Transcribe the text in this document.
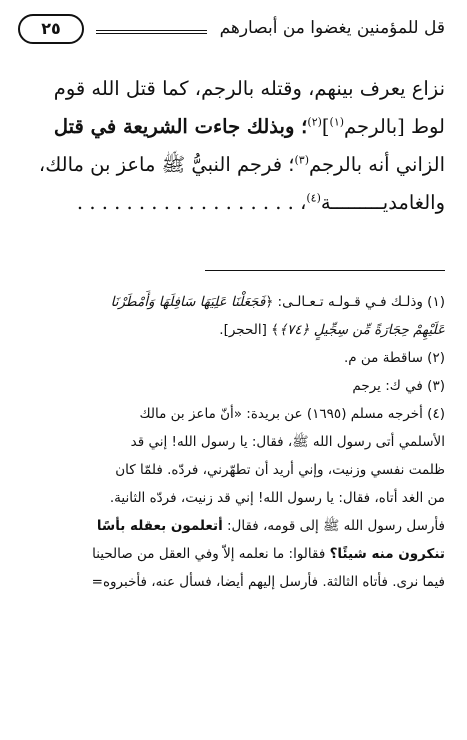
قل للمؤمنين يغضوا من أبصارهم
٢٥
نزاع يعرف بينهم، وقتله بالرجم، كما قتل الله قوم
لوط [بالرجم$^{(١)}$]$^{(٢)}$؛ وبذلك جاءت الشريعة في قتل
الزاني أنه بالرجم$^{(٣)}$؛ فرجم النبيُّ ﷺ ماعز بن مالك،
والغامديـــــــــة$^{(٤)}$، . . . . . . . . . . . . . . . . . .
(١) وذلـك فـي قـولـه تـعـالـى: ﴿فَجَعَلْنَا عَلِيَهَا سَافِلَهَا وَأَمْطَرْنَا
عَلَيْهِمْ حِجَارَةً مِّن سِجِّيلٍ ﴿٧٤﴾﴾ [الحجر].
(٢) ساقطة من م.
(٣) في ك: يرجم
(٤) أخرجه مسلم (١٦٩٥) عن بريدة: «أنّ ماعز بن مالك
الأسلمي أتى رسول الله ﷺ، فقال: يا رسول الله! إني قد
ظلمت نفسي وزنيت، وإني أريد أن تطهّرني، فردّه. فلمّا كان
من الغد أتاه، فقال: يا رسول الله! إني قد زنيت، فردّه الثانية.
فأرسل رسول الله ﷺ إلى قومه، فقال: أتعلمون بعقله بأسًا
تنكرون منه شيئًا؟ فقالوا: ما نعلمه إلاّ وفي العقل من صالحينا
فيما نرى. فأتاه الثالثة. فأرسل إليهم أيضا، فسأل عنه، فأخبروه=
